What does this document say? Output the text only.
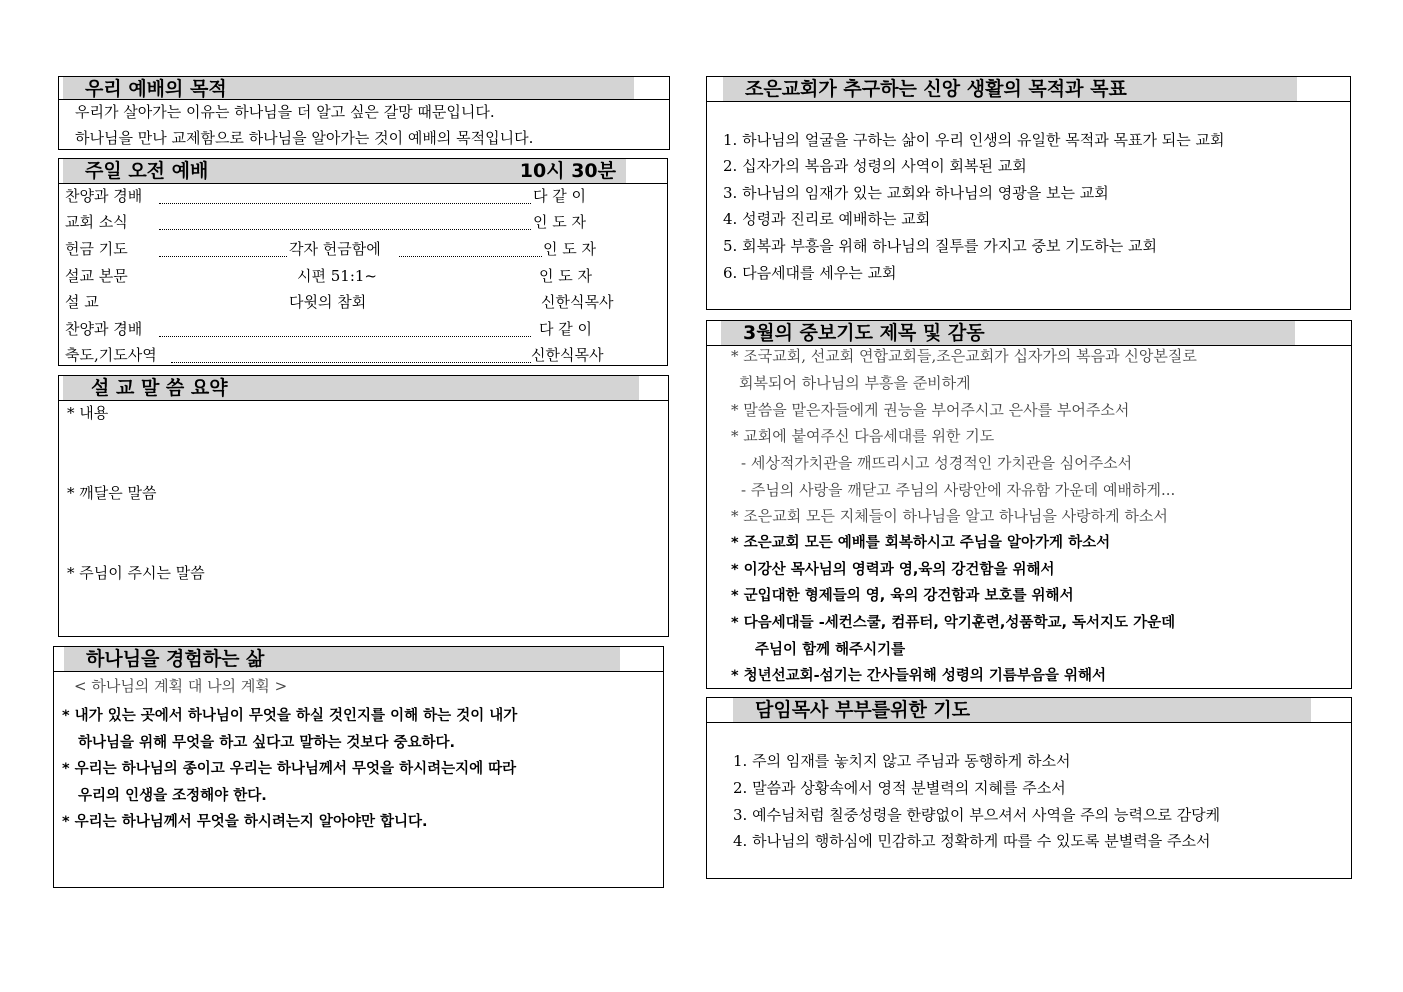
우리 예배의 목적
우리가 살아가는 이유는 하나님을 더 알고 싶은 갈망 때문입니다.
하나님을 만나 교제함으로 하나님을 알아가는 것이 예배의 목적입니다.
주일 오전 예배	10시 30분
찬양과 경배	다 같 이
교회 소식	인 도 자
헌금 기도	각자 헌금함에	인 도 자
설교 본문	시편 51:1~	인 도 자
설 교	다윗의 참회	신한식목사
찬양과 경배	다 같 이
축도,기도사역	신한식목사
설 교 말 씀 요약
* 내용
* 깨달은 말씀
* 주님이 주시는 말씀
하나님을 경험하는 삶
< 하나님의 계획 대 나의 계획 >
* 내가 있는 곳에서 하나님이 무엇을 하실 것인지를 이해 하는 것이 내가
하나님을 위해 무엇을 하고 싶다고 말하는 것보다 중요하다.
* 우리는 하나님의 종이고 우리는 하나님께서 무엇을 하시려는지에 따라
우리의 인생을 조정해야 한다.
* 우리는 하나님께서 무엇을 하시려는지 알아야만 합니다.
조은교회가 추구하는 신앙 생활의 목적과 목표
1. 하나님의 얼굴을 구하는 삶이 우리 인생의 유일한 목적과 목표가 되는 교회
2. 십자가의 복음과 성령의 사역이 회복된 교회
3. 하나님의 임재가 있는 교회와 하나님의 영광을 보는 교회
4. 성령과 진리로 예배하는 교회
5. 회복과 부흥을 위해 하나님의 질투를 가지고 중보 기도하는 교회
6. 다음세대를 세우는 교회
3월의 중보기도 제목 및 감동
* 조국교회, 선교회 연합교회들,조은교회가 십자가의 복음과 신앙본질로
회복되어 하나님의 부흥을 준비하게
* 말씀을 맡은자들에게 권능을 부어주시고 은사를 부어주소서
* 교회에 붙여주신 다음세대를 위한 기도
- 세상적가치관을 깨뜨리시고 성경적인 가치관을 심어주소서
- 주님의 사랑을 깨닫고 주님의 사랑안에 자유함 가운데 예배하게...
* 조은교회 모든 지체들이 하나님을 알고 하나님을 사랑하게 하소서
* 조은교회 모든 예배를 회복하시고 주님을 알아가게 하소서
* 이강산 목사님의 영력과 영,육의 강건함을 위해서
* 군입대한 형제들의 영, 육의 강건함과 보호를 위해서
* 다음세대들 -세컨스쿨, 컴퓨터, 악기훈련,성품학교, 독서지도 가운데
주님이 함께 해주시기를
* 청년선교회-섬기는 간사들위해 성령의 기름부음을 위해서
담임목사 부부를위한 기도
1. 주의 임재를 놓치지 않고 주님과 동행하게 하소서
2. 말씀과 상황속에서 영적 분별력의 지혜를 주소서
3. 예수님처럼 칠중성령을 한량없이 부으셔서 사역을 주의 능력으로 감당케
4. 하나님의 행하심에 민감하고 정확하게 따를 수 있도록 분별력을 주소서
